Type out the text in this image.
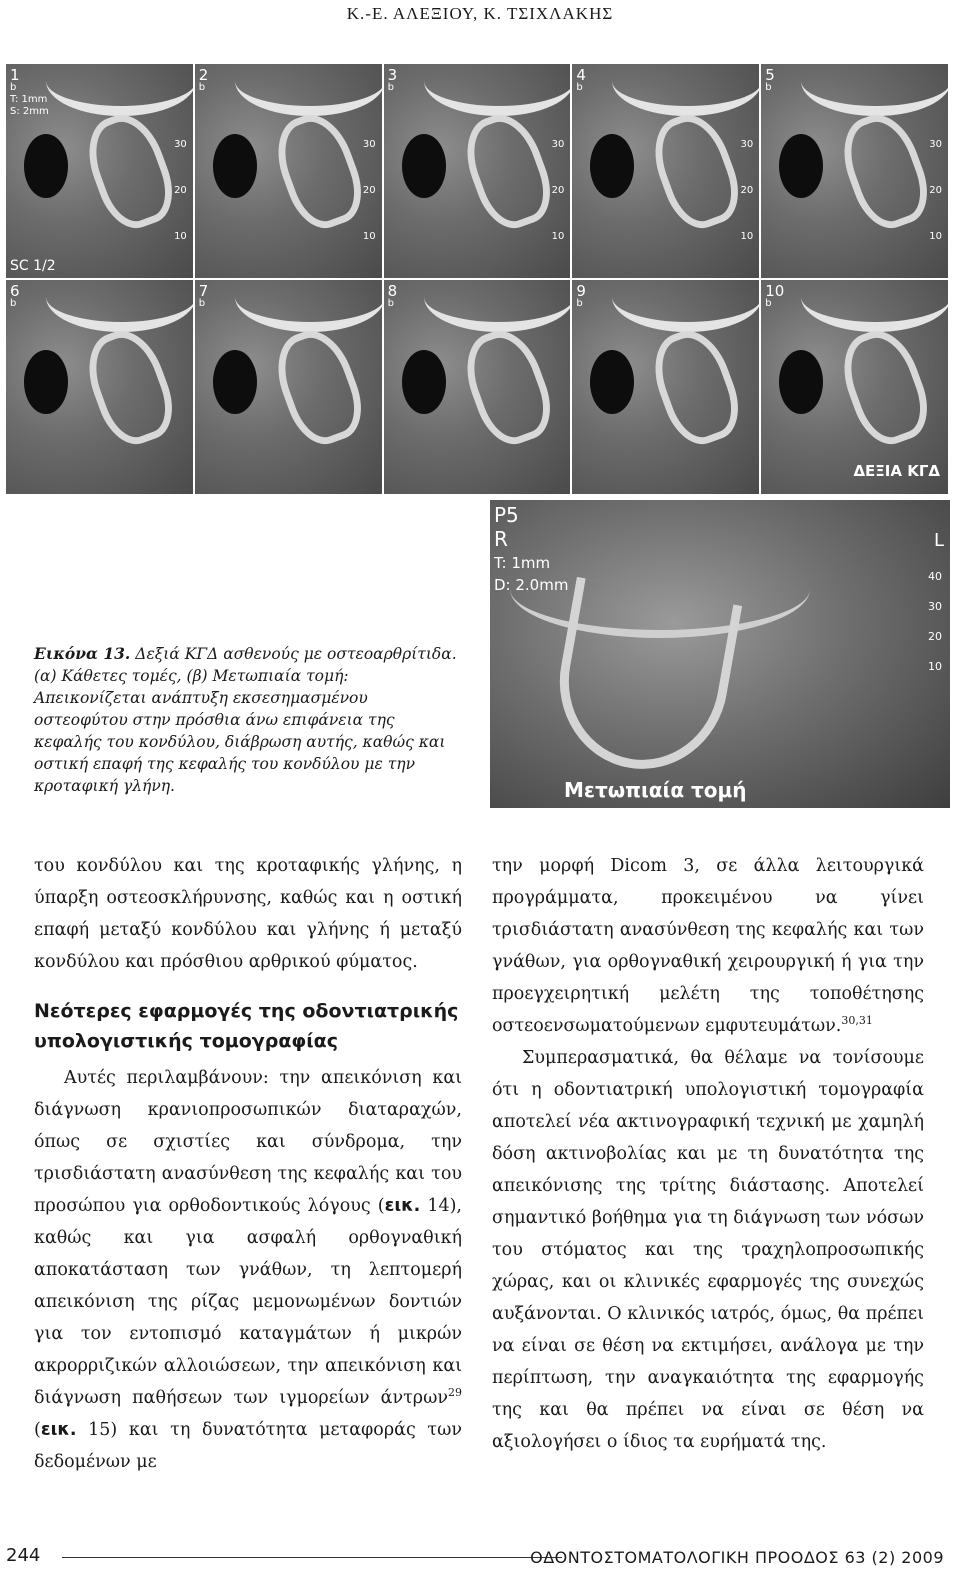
Κ.-Ε. ΑΛΕΞΙΟΥ, Κ. ΤΣΙΧΛΑΚΗΣ
1
b
T: 1mm
S: 2mm
30
20
10
SC 1/2
2
b
30
20
10
3
b
30
20
10
4
b
30
20
10
5
b
30
20
10
6
b
7
b
8
b
9
b
10
b
ΔΕΞΙΑ ΚΓΔ
P5
R
T: 1mm
D: 2.0mm
L
40
30
20
10
Μετωπιαία τομή
Εικόνα 13. Δεξιά ΚΓΔ ασθενούς με οστεοαρθρίτιδα. (α) Κάθετες τομές, (β) Μετωπιαία τομή: Απεικονίζεται ανάπτυξη εκσεσημασμένου οστεοφύτου στην πρόσθια άνω επιφάνεια της κεφαλής του κονδύλου, διάβρωση αυτής, καθώς και οστική επαφή της κεφαλής του κονδύλου με την κροταφική γλήνη.

του κονδύλου και της κροταφικής γλήνης, η ύπαρξη οστεοσκλήρυνσης, καθώς και η οστική επαφή μεταξύ κονδύλου και γλήνης ή μεταξύ κονδύλου και πρόσθιου αρθρικού φύματος.

Νεότερες εφαρμογές της οδοντιατρικής υπολογιστικής τομογραφίας

Αυτές περιλαμβάνουν: την απεικόνιση και διάγνωση κρανιοπροσωπικών διαταραχών, όπως σε σχιστίες και σύνδρομα, την τρισδιάστατη ανασύνθεση της κεφαλής και του προσώπου για ορθοδοντικούς λόγους (εικ. 14), καθώς και για ασφαλή ορθογναθική αποκατάσταση των γνάθων, τη λεπτομερή απεικόνιση της ρίζας μεμονωμένων δοντιών για τον εντοπισμό καταγμάτων ή μικρών ακρορριζικών αλλοιώσεων, την απεικόνιση και διάγνωση παθήσεων των ιγμορείων άντρων$^{29}$ (εικ. 15) και τη δυνατότητα μεταφοράς των δεδομένων με

την μορφή Dicom 3, σε άλλα λειτουργικά προγράμματα, προκειμένου να γίνει τρισδιάστατη ανασύνθεση της κεφαλής και των γνάθων, για ορθογναθική χειρουργική ή για την προεγχειρητική μελέτη της τοποθέτησης οστεοενσωματούμενων εμφυτευμάτων.$^{30,31}$

Συμπερασματικά, θα θέλαμε να τονίσουμε ότι η οδοντιατρική υπολογιστική τομογραφία αποτελεί νέα ακτινογραφική τεχνική με χαμηλή δόση ακτινοβολίας και με τη δυνατότητα της απεικόνισης της τρίτης διάστασης. Αποτελεί σημαντικό βοήθημα για τη διάγνωση των νόσων του στόματος και της τραχηλοπροσωπικής χώρας, και οι κλινικές εφαρμογές της συνεχώς αυξάνονται. Ο κλινικός ιατρός, όμως, θα πρέπει να είναι σε θέση να εκτιμήσει, ανάλογα με την περίπτωση, την αναγκαιότητα της εφαρμογής της και θα πρέπει να είναι σε θέση να αξιολογήσει ο ίδιος τα ευρήματά της.

244	ΟΔΟΝΤΟΣΤΟΜΑΤΟΛΟΓΙΚΗ ΠΡΟΟΔΟΣ 63 (2) 2009
